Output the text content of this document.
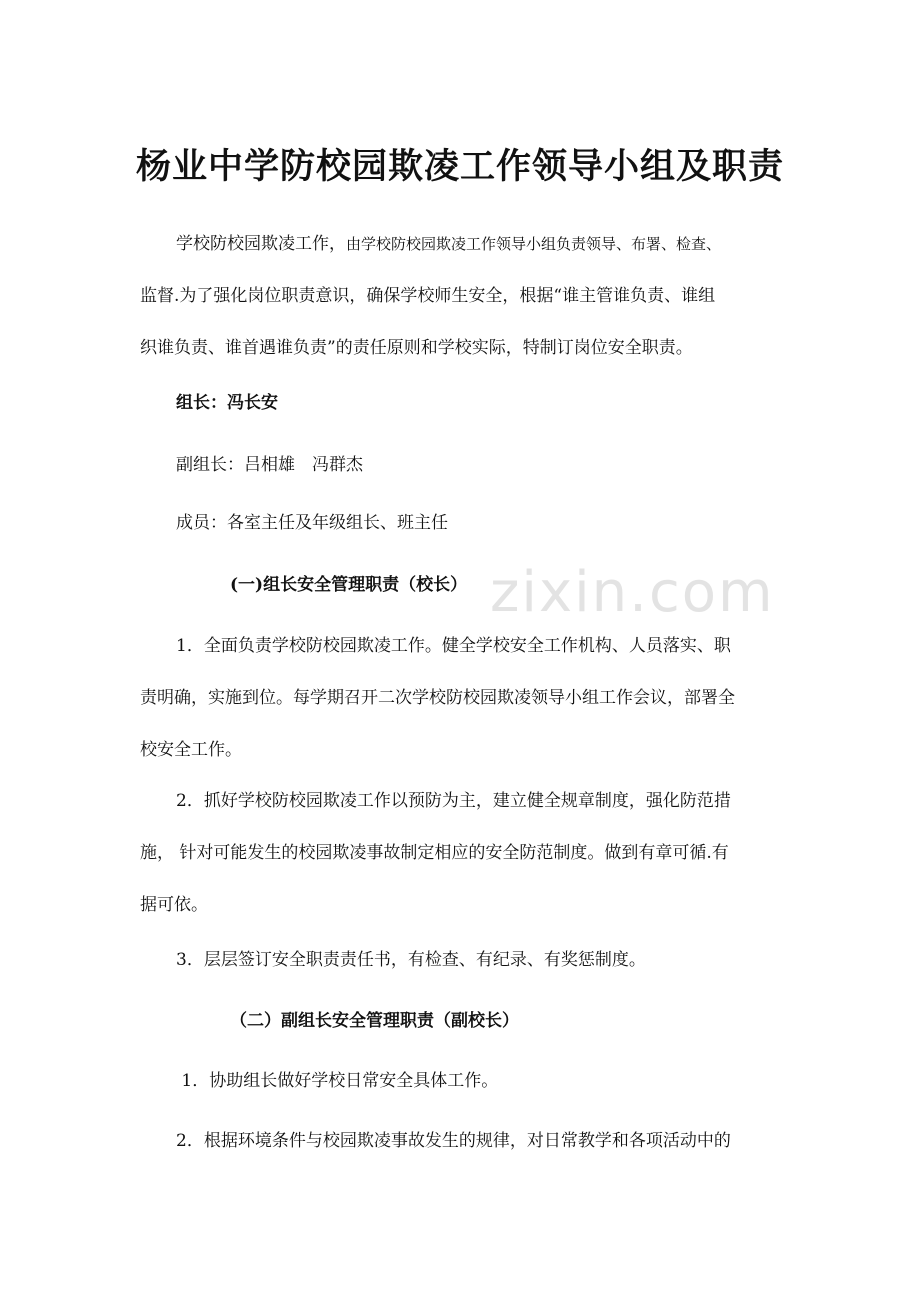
zixin.com
杨业中学防校园欺凌工作领导小组及职责
学校防校园欺凌工作，由学校防校园欺凌工作领导小组负责领导、布署、检查、
监督.为了强化岗位职责意识，确保学校师生安全，根据“谁主管谁负责、谁组
织谁负责、谁首遇谁负责”的责任原则和学校实际，特制订岗位安全职责。
组长：冯长安
副组长：吕相雄　冯群杰
成员：各室主任及年级组长、班主任
(一)组长安全管理职责（校长）
1．全面负责学校防校园欺凌工作。健全学校安全工作机构、人员落实、职
责明确，实施到位。每学期召开二次学校防校园欺凌领导小组工作会议，部署全
校安全工作。
2．抓好学校防校园欺凌工作以预防为主，建立健全规章制度，强化防范措
施， 针对可能发生的校园欺凌事故制定相应的安全防范制度。做到有章可循.有
据可依。
3．层层签订安全职责责任书，有检查、有纪录、有奖惩制度。
（二）副组长安全管理职责（副校长）
1．协助组长做好学校日常安全具体工作。
2．根据环境条件与校园欺凌事故发生的规律，对日常教学和各项活动中的
